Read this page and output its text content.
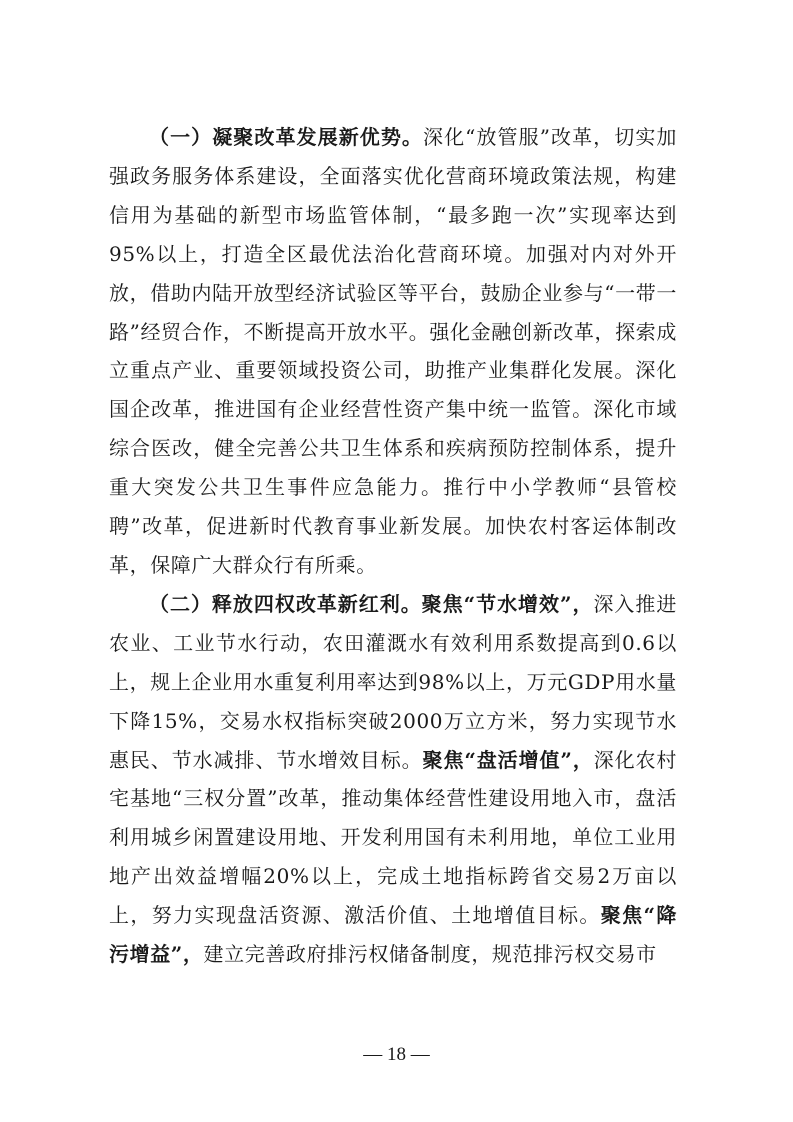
（一）凝聚改革发展新优势。深化“放管服”改革，切实加强政务服务体系建设，全面落实优化营商环境政策法规，构建信用为基础的新型市场监管体制，“最多跑一次”实现率达到95%以上，打造全区最优法治化营商环境。加强对内对外开放，借助内陆开放型经济试验区等平台，鼓励企业参与“一带一路”经贸合作，不断提高开放水平。强化金融创新改革，探索成立重点产业、重要领域投资公司，助推产业集群化发展。深化国企改革，推进国有企业经营性资产集中统一监管。深化市域综合医改，健全完善公共卫生体系和疾病预防控制体系，提升重大突发公共卫生事件应急能力。推行中小学教师“县管校聘”改革，促进新时代教育事业新发展。加快农村客运体制改革，保障广大群众行有所乘。

（二）释放四权改革新红利。聚焦“节水增效”，深入推进农业、工业节水行动，农田灌溉水有效利用系数提高到0.6以上，规上企业用水重复利用率达到98%以上，万元GDP用水量下降15%，交易水权指标突破2000万立方米，努力实现节水惠民、节水减排、节水增效目标。聚焦“盘活增值”，深化农村宅基地“三权分置”改革，推动集体经营性建设用地入市，盘活利用城乡闲置建设用地、开发利用国有未利用地，单位工业用地产出效益增幅20%以上，完成土地指标跨省交易2万亩以上，努力实现盘活资源、激活价值、土地增值目标。聚焦“降污增益”，建立完善政府排污权储备制度，规范排污权交易市

— 18 —
